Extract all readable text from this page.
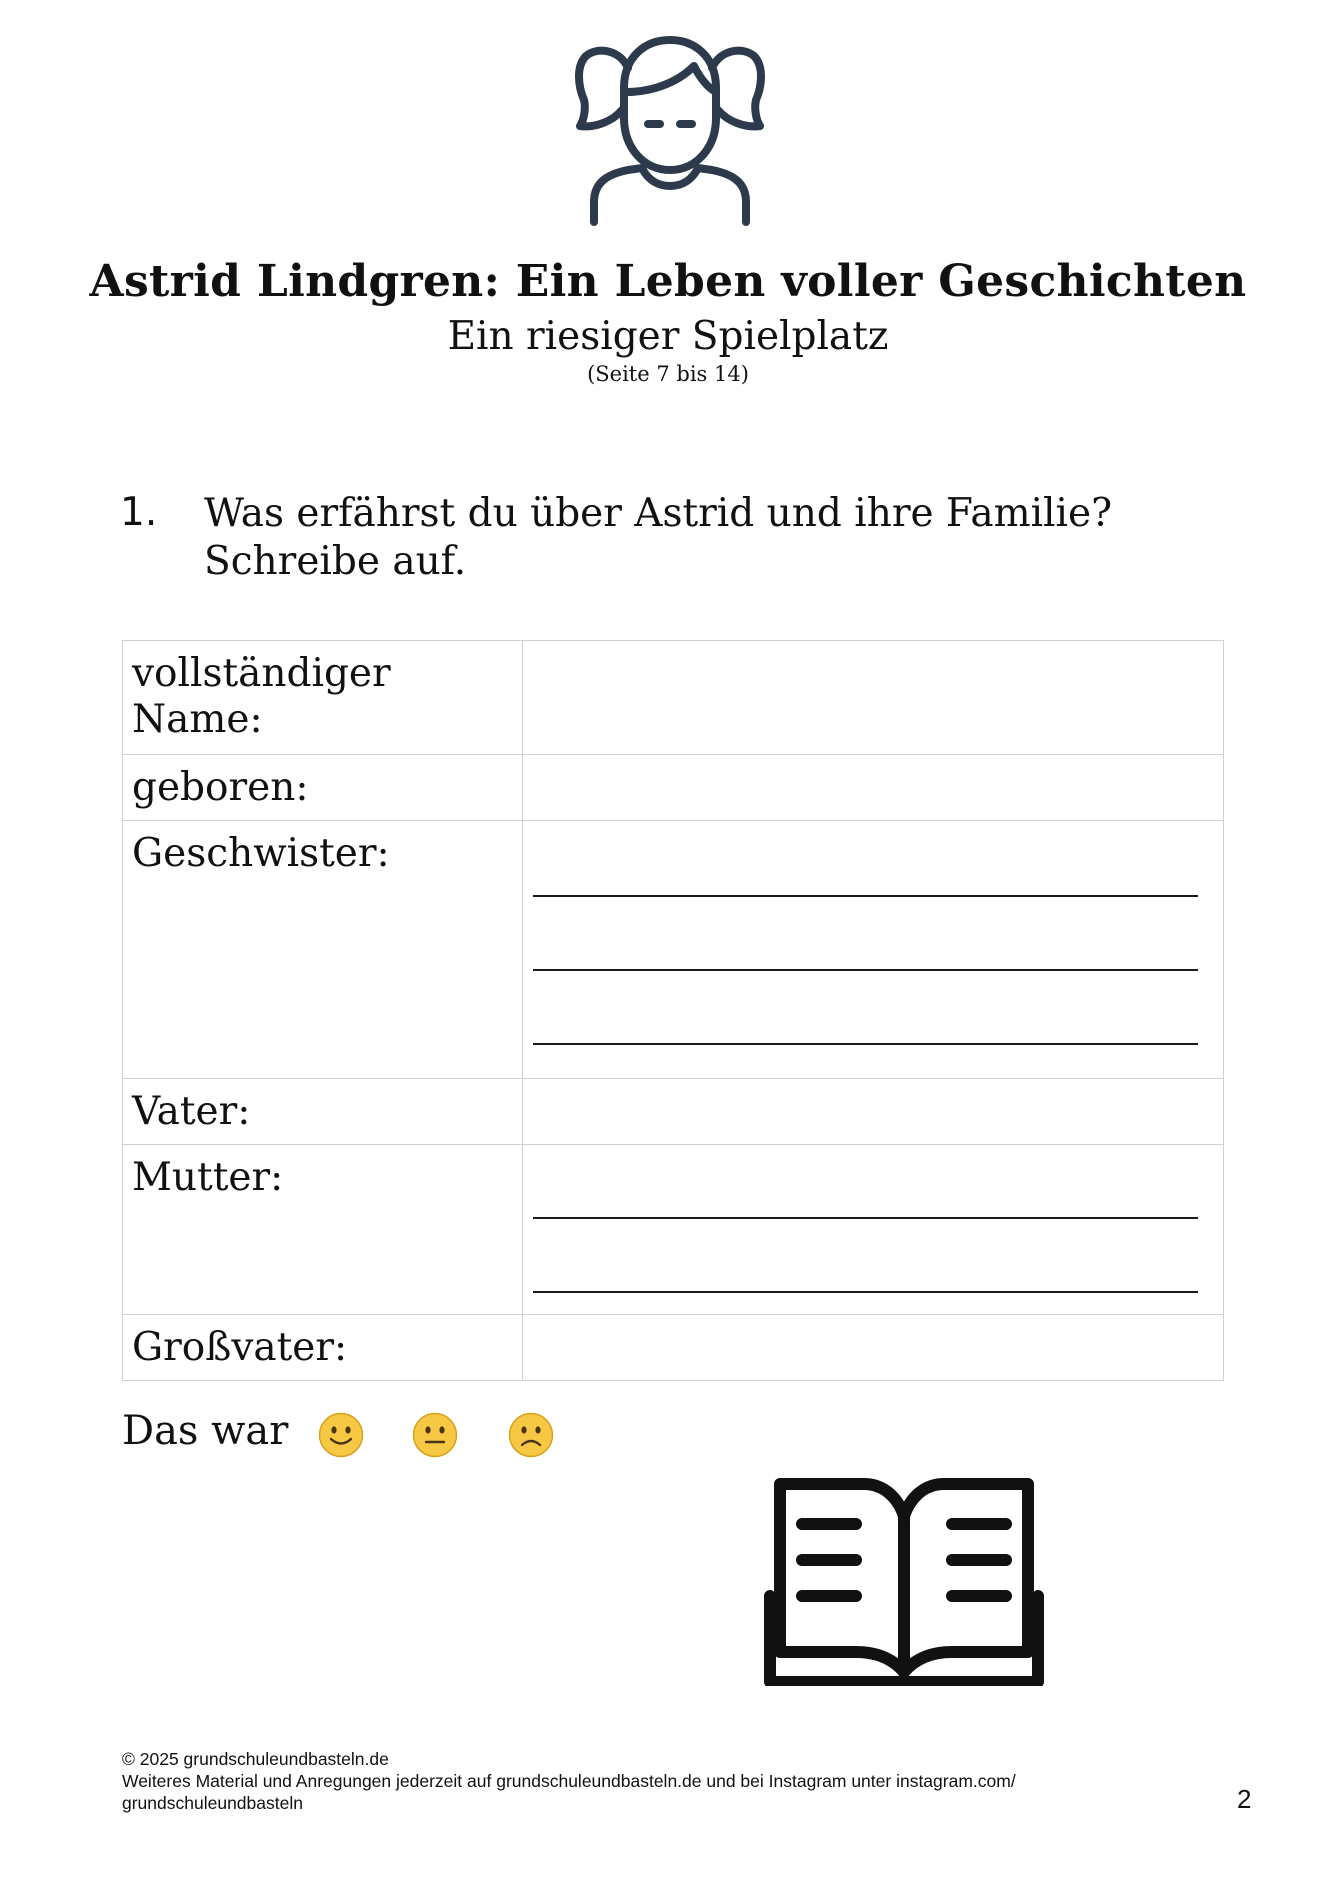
Astrid Lindgren: Ein Leben voller Geschichten
Ein riesiger Spielplatz
(Seite 7 bis 14)
1. Was erfährst du über Astrid und ihre Familie?
Schreibe auf.
vollständiger
Name:	

geboren:	

Geschwister:	

Vater:	

Mutter:	

Großvater:	

Das war
© 2025 grundschuleundbasteln.de
Weiteres Material und Anregungen jederzeit auf grundschuleundbasteln.de und bei Instagram unter instagram.com/
grundschuleundbasteln	2
